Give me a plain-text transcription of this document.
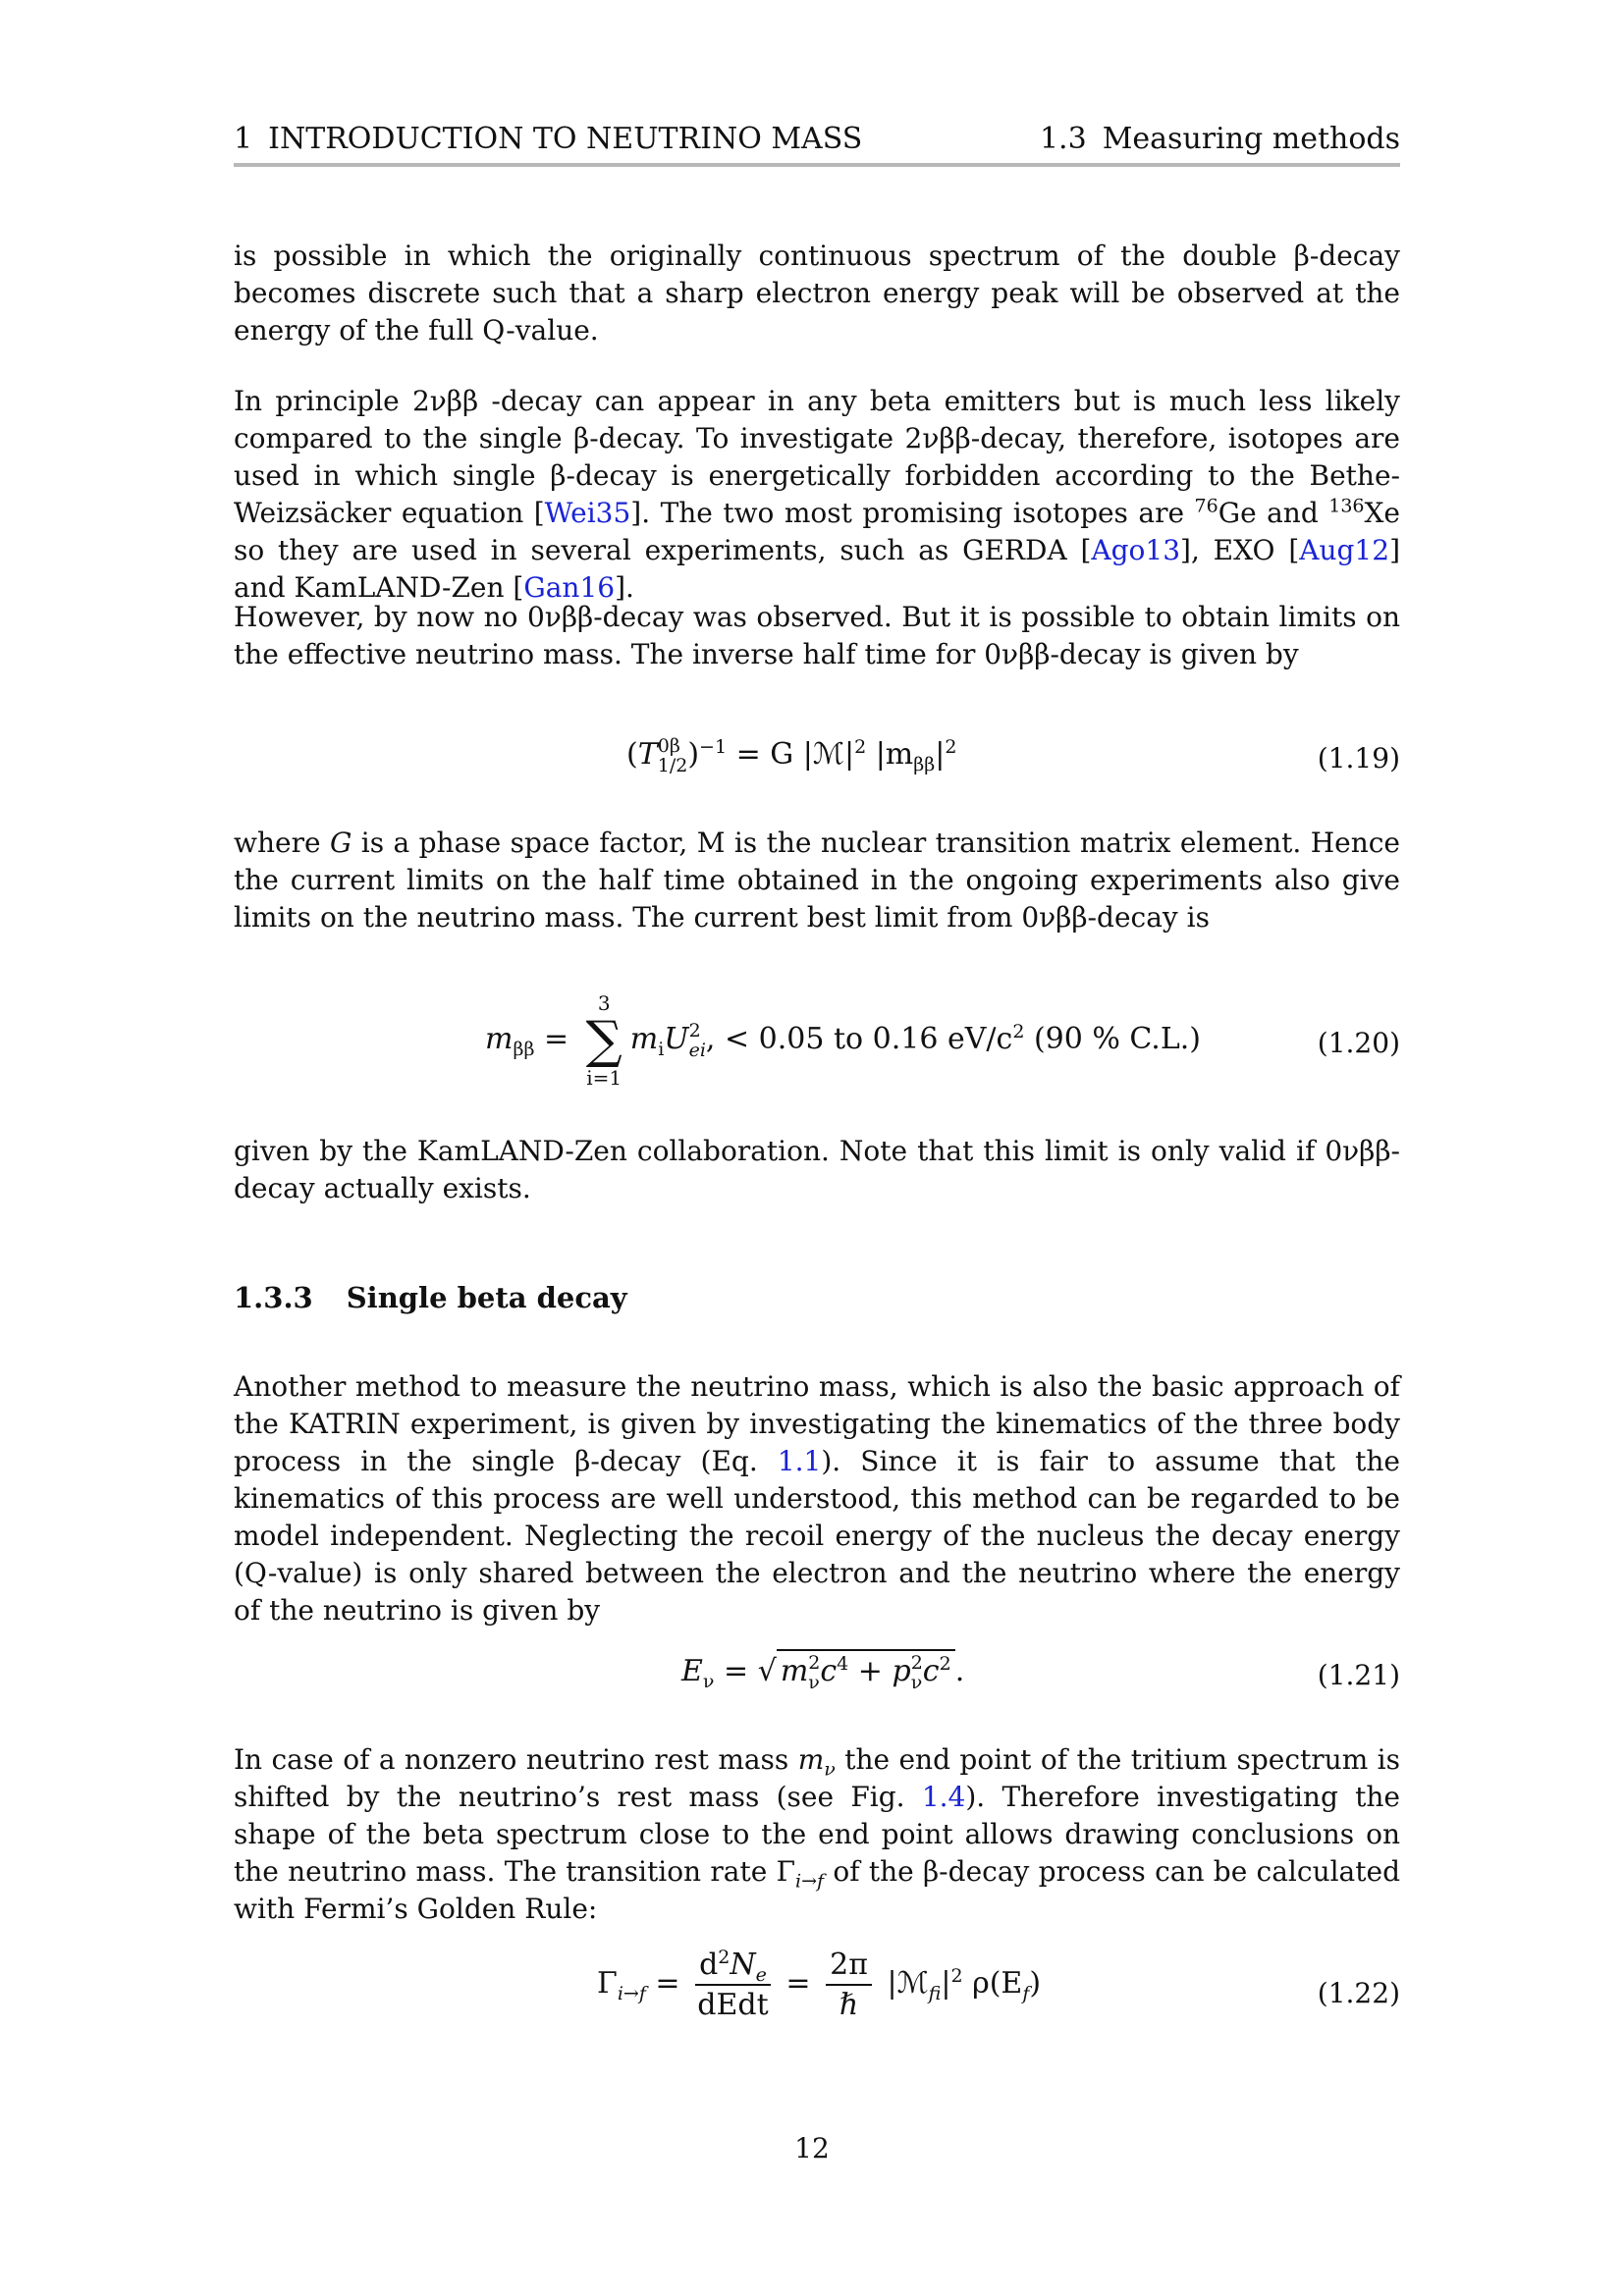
1 INTRODUCTION TO NEUTRINO MASS	1.3 Measuring methods

is possible in which the originally continuous spectrum of the double β-decay becomes discrete such that a sharp electron energy peak will be observed at the energy of the full Q-value.

In principle 2νββ -decay can appear in any beta emitters but is much less likely compared to the single β-decay. To investigate 2νββ-decay, therefore, isotopes are used in which single β-decay is energetically forbidden according to the Bethe-Weizsäcker equation [Wei35]. The two most promising isotopes are $^{76}$Ge and $^{136}$Xe so they are used in several experiments, such as GERDA [Ago13], EXO [Aug12] and KamLAND-Zen [Gan16].

However, by now no 0νββ-decay was observed. But it is possible to obtain limits on the effective neutrino mass. The inverse half time for 0νββ-decay is given by

(T 0β
1/2 )$^{-1}$ = G $|ℳ|^2$ $|m_{\beta\beta}|^2$	(1.19)

where G is a phase space factor, M is the nuclear transition matrix element. Hence the current limits on the half time obtained in the ongoing experiments also give limits on the neutrino mass. The current best limit from 0νββ-decay is

$m_{\beta\beta}$ =
3
∑
i=1
$m_iU$ 2
ei , < 0.05 to 0.16 $eV/c^2$ (90 % C.L.)	(1.20)

given by the KamLAND-Zen collaboration. Note that this limit is only valid if 0νββ-decay actually exists.

1.3.3 Single beta decay

Another method to measure the neutrino mass, which is also the basic approach of the KATRIN experiment, is given by investigating the kinematics of the three body process in the single β-decay (Eq. 1.1). Since it is fair to assume that the kinematics of this process are well understood, this method can be regarded to be model independent. Neglecting the recoil energy of the nucleus the decay energy (Q-value) is only shared between the electron and the neutrino where the energy of the neutrino is given by

$E_\nu$ = √ m 2
ν $c^4 + p$ 2
ν $c^2$ .	(1.21)

In case of a nonzero neutrino rest mass $m_\nu$ the end point of the tritium spectrum is shifted by the neutrino’s rest mass (see Fig. 1.4). Therefore investigating the shape of the beta spectrum close to the end point allows drawing conclusions on the neutrino mass. The transition rate $\Gamma_{i\to f}$ of the β-decay process can be calculated with Fermi’s Golden Rule:

$\Gamma_{i\to f} = \frac{d^2N_e}{\text{dEdt}} = \frac{2\pi}{\text{ℏ}}$ $|ℳ_{fi}|^2$ $\rho(E_f)$	(1.22)
12
